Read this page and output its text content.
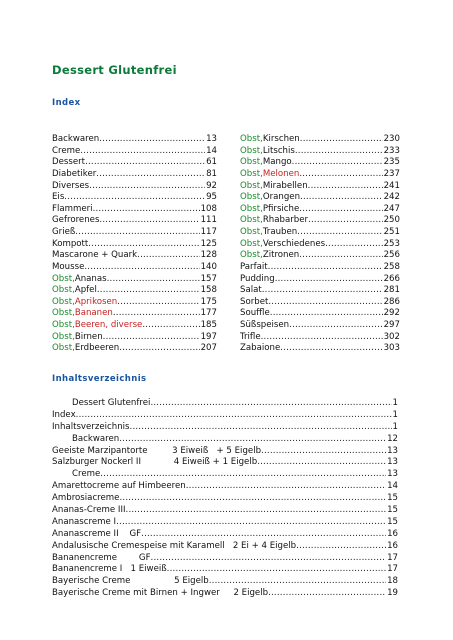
Dessert Glutenfrei
Index
Backwaren .....	13
Creme .....	14
Dessert .....	61
Diabetiker .....	81
Diverses .....	92
Eis .....	95
Flammeri .....	108
Gefrorenes .....	111
Grieß .....	117
Kompott .....	125
Mascarone + Quark .....	128
Mousse .....	140
Obst, Ananas .....	157
Obst, Apfel .....	158
Obst, Aprikosen .....	175
Obst, Bananen .....	177
Obst, Beeren, diverse .....	185
Obst, Birnen .....	197
Obst, Erdbeeren .....	207
Obst, Kirschen .....	230
Obst, Litschis .....	233
Obst, Mango .....	235
Obst, Melonen .....	237
Obst, Mirabellen .....	241
Obst, Orangen .....	242
Obst, Pfirsiche .....	247
Obst, Rhabarber .....	250
Obst, Trauben .....	251
Obst, Verschiedenes .....	253
Obst, Zitronen .....	256
Parfait .....	258
Pudding .....	266
Salat .....	281
Sorbet .....	286
Souffle .....	292
Süßspeisen .....	297
Trifle .....	302
Zabaione .....	303
Inhaltsverzeichnis
Dessert Glutenfrei .....	1
Index .....	1
Inhaltsverzeichnis .....	1
Backwaren .....	12
Geeiste Marzipantorte         3 Eiweiß   + 5 Eigelb .....	13
Salzburger Nockerl II            4 Eiweiß + 1 Eigelb .....	13
Creme .....	13
Amarettocreme auf Himbeeren .....	14
Ambrosiacreme .....	15
Ananas-Creme III .....	15
Ananascreme I .....	15
Ananascreme II    GF .....	16
Andalusische Cremespeise mit Karamell   2 Ei + 4 Eigelb .....	16
Bananencreme        GF .....	17
Bananencreme I   1 Eiweiß .....	17
Bayerische Creme                5 Eigelb .....	18
Bayerische Creme mit Birnen + Ingwer     2 Eigelb .....	19
